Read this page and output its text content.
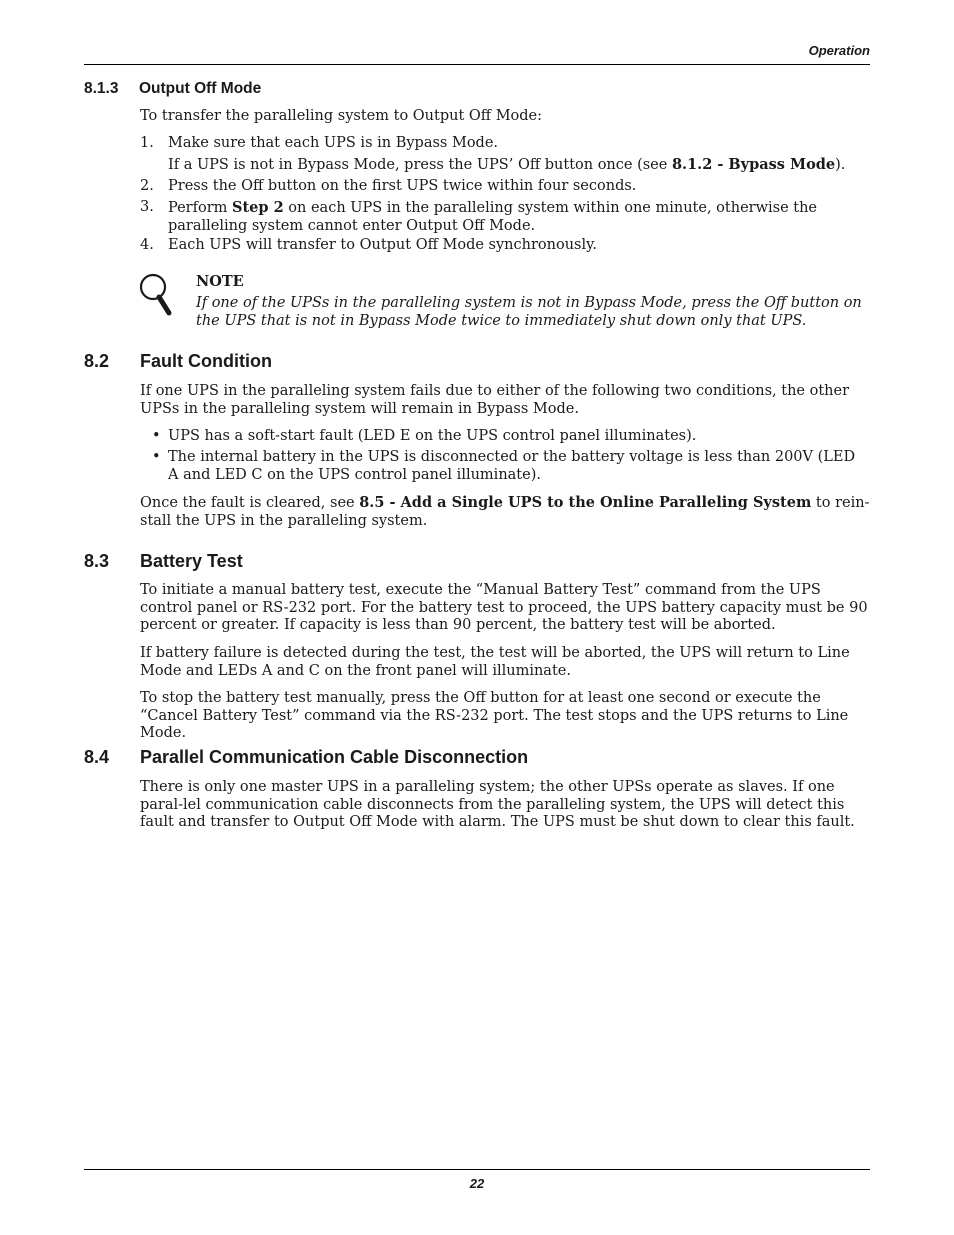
Operation
8.1.3 Output Off Mode
To transfer the paralleling system to Output Off Mode:
1. Make sure that each UPS is in Bypass Mode.
If a UPS is not in Bypass Mode, press the UPS’ Off button once (see 8.1.2 - Bypass Mode).
2. Press the Off button on the first UPS twice within four seconds.
3. Perform Step 2 on each UPS in the paralleling system within one minute, otherwise the paralleling system cannot enter Output Off Mode.
4. Each UPS will transfer to Output Off Mode synchronously.
NOTE
If one of the UPSs in the paralleling system is not in Bypass Mode, press the Off button on the UPS that is not in Bypass Mode twice to immediately shut down only that UPS.
8.2 Fault Condition
If one UPS in the paralleling system fails due to either of the following two conditions, the other UPSs in the paralleling system will remain in Bypass Mode.
• UPS has a soft-start fault (LED E on the UPS control panel illuminates).
• The internal battery in the UPS is disconnected or the battery voltage is less than 200V (LED A and LED C on the UPS control panel illuminate).
Once the fault is cleared, see 8.5 - Add a Single UPS to the Online Paralleling System to rein-stall the UPS in the paralleling system.
8.3 Battery Test
To initiate a manual battery test, execute the “Manual Battery Test” command from the UPS control panel or RS-232 port. For the battery test to proceed, the UPS battery capacity must be 90 percent or greater. If capacity is less than 90 percent, the battery test will be aborted.
If battery failure is detected during the test, the test will be aborted, the UPS will return to Line Mode and LEDs A and C on the front panel will illuminate.
To stop the battery test manually, press the Off button for at least one second or execute the “Cancel Battery Test” command via the RS-232 port. The test stops and the UPS returns to Line Mode.
8.4 Parallel Communication Cable Disconnection
There is only one master UPS in a paralleling system; the other UPSs operate as slaves. If one paral-lel communication cable disconnects from the paralleling system, the UPS will detect this fault and transfer to Output Off Mode with alarm. The UPS must be shut down to clear this fault.
22
